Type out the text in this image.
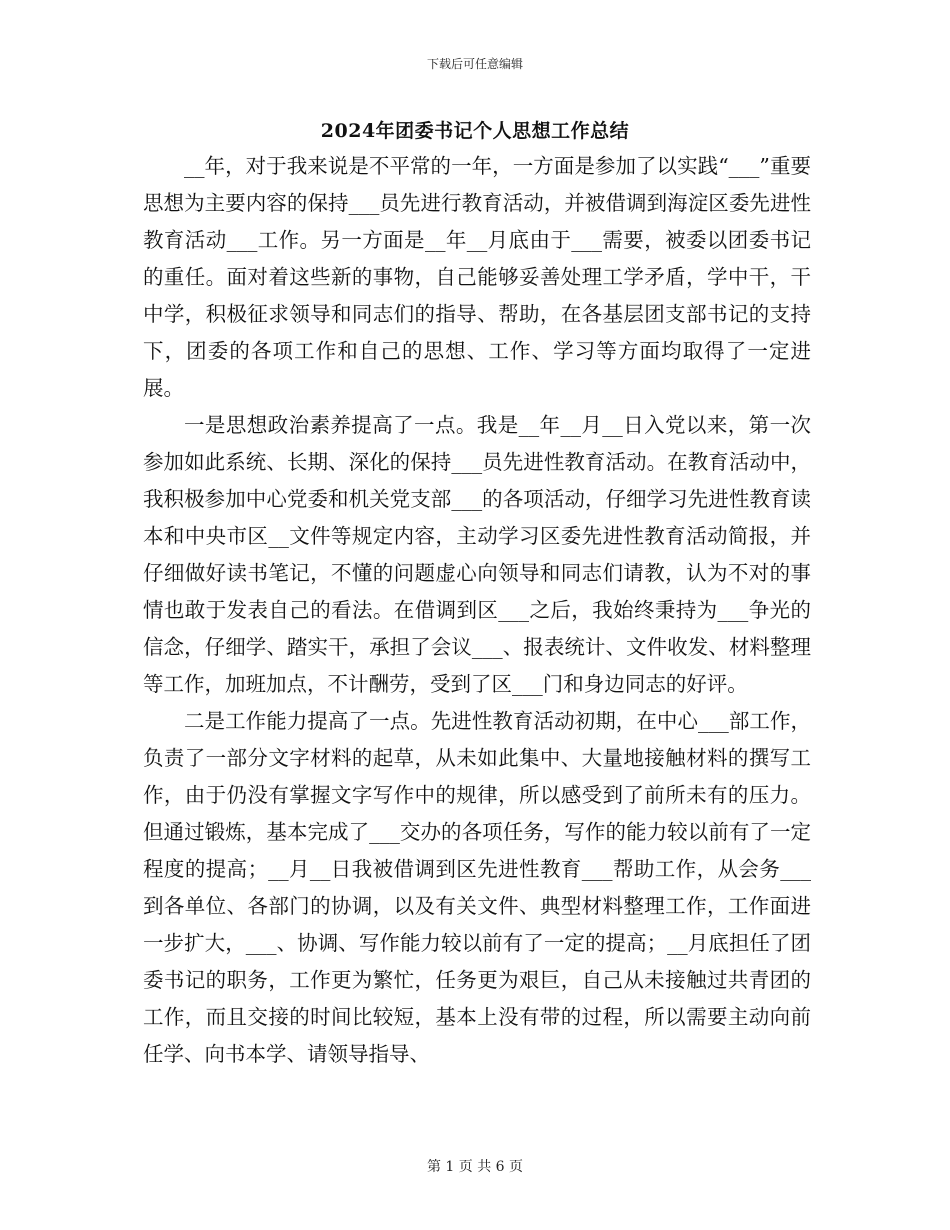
下载后可任意编辑
2024年团委书记个人思想工作总结

__年，对于我来说是不平常的一年，一方面是参加了以实践“___”重要思想为主要内容的保持___员先进行教育活动，并被借调到海淀区委先进性教育活动___工作。另一方面是__年__月底由于___需要，被委以团委书记的重任。面对着这些新的事物，自己能够妥善处理工学矛盾，学中干，干中学，积极征求领导和同志们的指导、帮助，在各基层团支部书记的支持下，团委的各项工作和自己的思想、工作、学习等方面均取得了一定进展。

一是思想政治素养提高了一点。我是__年__月__日入党以来，第一次参加如此系统、长期、深化的保持___员先进性教育活动。在教育活动中，我积极参加中心党委和机关党支部___的各项活动，仔细学习先进性教育读本和中央市区__文件等规定内容，主动学习区委先进性教育活动简报，并仔细做好读书笔记，不懂的问题虚心向领导和同志们请教，认为不对的事情也敢于发表自己的看法。在借调到区___之后，我始终秉持为___争光的信念，仔细学、踏实干，承担了会议___、报表统计、文件收发、材料整理等工作，加班加点，不计酬劳，受到了区___门和身边同志的好评。

二是工作能力提高了一点。先进性教育活动初期，在中心___部工作，负责了一部分文字材料的起草，从未如此集中、大量地接触材料的撰写工作，由于仍没有掌握文字写作中的规律，所以感受到了前所未有的压力。但通过锻炼，基本完成了___交办的各项任务，写作的能力较以前有了一定程度的提高；__月__日我被借调到区先进性教育___帮助工作，从会务___到各单位、各部门的协调，以及有关文件、典型材料整理工作，工作面进一步扩大，___、协调、写作能力较以前有了一定的提高；__月底担任了团委书记的职务，工作更为繁忙，任务更为艰巨，自己从未接触过共青团的工作，而且交接的时间比较短，基本上没有带的过程，所以需要主动向前任学、向书本学、请领导指导、

第 1 页 共 6 页
